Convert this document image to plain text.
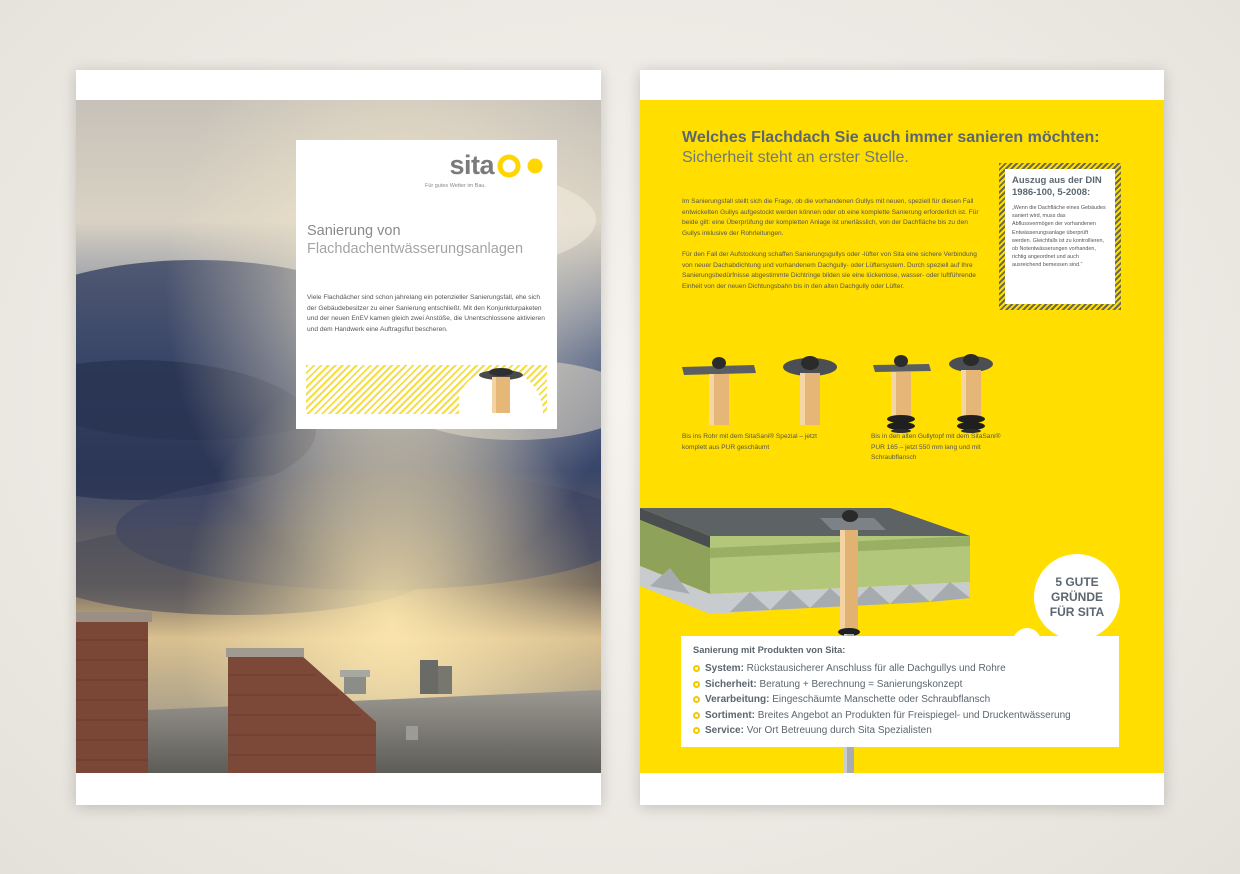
sita
Für gutes Wetter im Bau.
Sanierung von
Flachdachentwässerungsanlagen
Viele Flachdächer sind schon jahrelang ein potenzieller Sanierungsfall, ehe sich der Gebäudebesitzer zu einer Sanierung entschließt. Mit den Konjunkturpaketen und der neuen EnEV kamen gleich zwei Anstöße, die Unentschlossene aktivieren und dem Handwerk eine Auftragsflut bescheren.
Welches Flachdach Sie auch immer sanieren möchten:
Sicherheit steht an erster Stelle.
Im Sanierungsfall stellt sich die Frage, ob die vorhandenen Gullys mit neuen, speziell für diesen Fall entwickelten Gullys aufgestockt werden können oder ob eine komplette Sanierung erforderlich ist. Für beide gilt: eine Überprüfung der kompletten Anlage ist unerlässlich, von der Dachfläche bis zu den Gullys inklusive der Rohrleitungen.
Für den Fall der Aufstockung schaffen Sanierungsgullys oder -lüfter von Sita eine sichere Verbindung von neuer Dachabdichtung und vorhandenem Dachgully- oder Lüftersystem. Durch speziell auf Ihre Sanierungsbedürfnisse abgestimmte Dichtringe bilden sie eine lückenlose, wasser- oder luftführende Einheit von der neuen Dichtungsbahn bis in den alten Dachgully oder Lüfter.
Auszug aus der DIN 1986-100, 5-2008:
„Wenn die Dachfläche eines Gebäudes saniert wird, muss das Abflussvermögen der vorhandenen Entwässerungsanlage überprüft werden. Gleichfalls ist zu kontrollieren, ob Notentwässerungen vorhanden, richtig angeordnet und auch ausreichend bemessen sind.“
Bis ins Rohr mit dem SitaSani® Spezial – jetzt komplett aus PUR geschäumt
Bis in den alten Gullytopf mit dem SitaSani® PUR 165 – jetzt 550 mm lang und mit Schraubflansch
5 GUTE GRÜNDE FÜR SITA
Sanierung mit Produkten von Sita:
System: Rückstausicherer Anschluss für alle Dachgullys und Rohre
Sicherheit: Beratung + Berechnung = Sanierungskonzept
Verarbeitung: Eingeschäumte Manschette oder Schraubflansch
Sortiment: Breites Angebot an Produkten für Freispiegel- und Druckentwässerung
Service: Vor Ort Betreuung durch Sita Spezialisten
